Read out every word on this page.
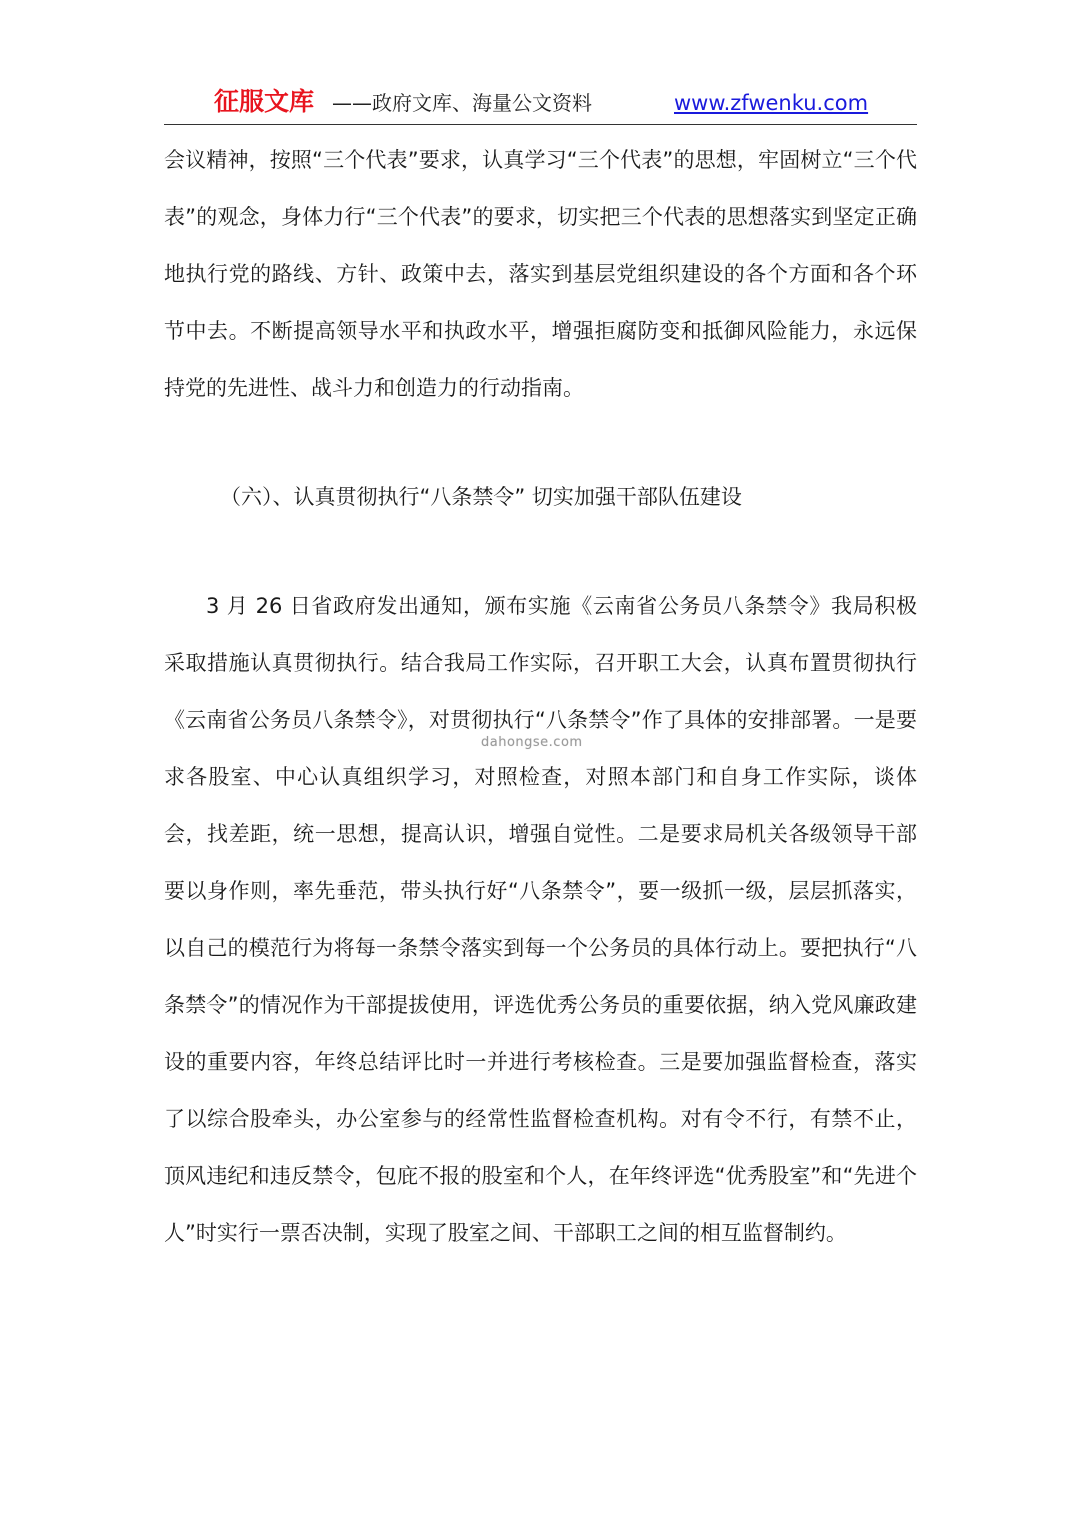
征服文库 ——政府文库、海量公文资料	www.zfwenku.com

会议精神，按照“三个代表”要求，认真学习“三个代表”的思想，牢固树立“三个代表”的观念，身体力行“三个代表”的要求，切实把三个代表的思想落实到坚定正确地执行党的路线、方针、政策中去，落实到基层党组织建设的各个方面和各个环节中去。不断提高领导水平和执政水平，增强拒腐防变和抵御风险能力，永远保持党的先进性、战斗力和创造力的行动指南。

（六）、认真贯彻执行“八条禁令” 切实加强干部队伍建设

3 月 26 日省政府发出通知，颁布实施《云南省公务员八条禁令》我局积极采取措施认真贯彻执行。结合我局工作实际，召开职工大会，认真布置贯彻执行《云南省公务员八条禁令》，对贯彻执行“八条禁令”作了具体的安排部署。一是要求各股室、中心认真组织学习，对照检查，对照本部门和自身工作实际，谈体会，找差距，统一思想，提高认识，增强自觉性。二是要求局机关各级领导干部要以身作则，率先垂范，带头执行好“八条禁令”，要一级抓一级，层层抓落实，以自己的模范行为将每一条禁令落实到每一个公务员的具体行动上。要把执行“八条禁令”的情况作为干部提拔使用，评选优秀公务员的重要依据，纳入党风廉政建设的重要内容，年终总结评比时一并进行考核检查。三是要加强监督检查，落实了以综合股牵头，办公室参与的经常性监督检查机构。对有令不行，有禁不止，顶风违纪和违反禁令，包庇不报的股室和个人，在年终评选“优秀股室”和“先进个人”时实行一票否决制，实现了股室之间、干部职工之间的相互监督制约。

dahongse.com
